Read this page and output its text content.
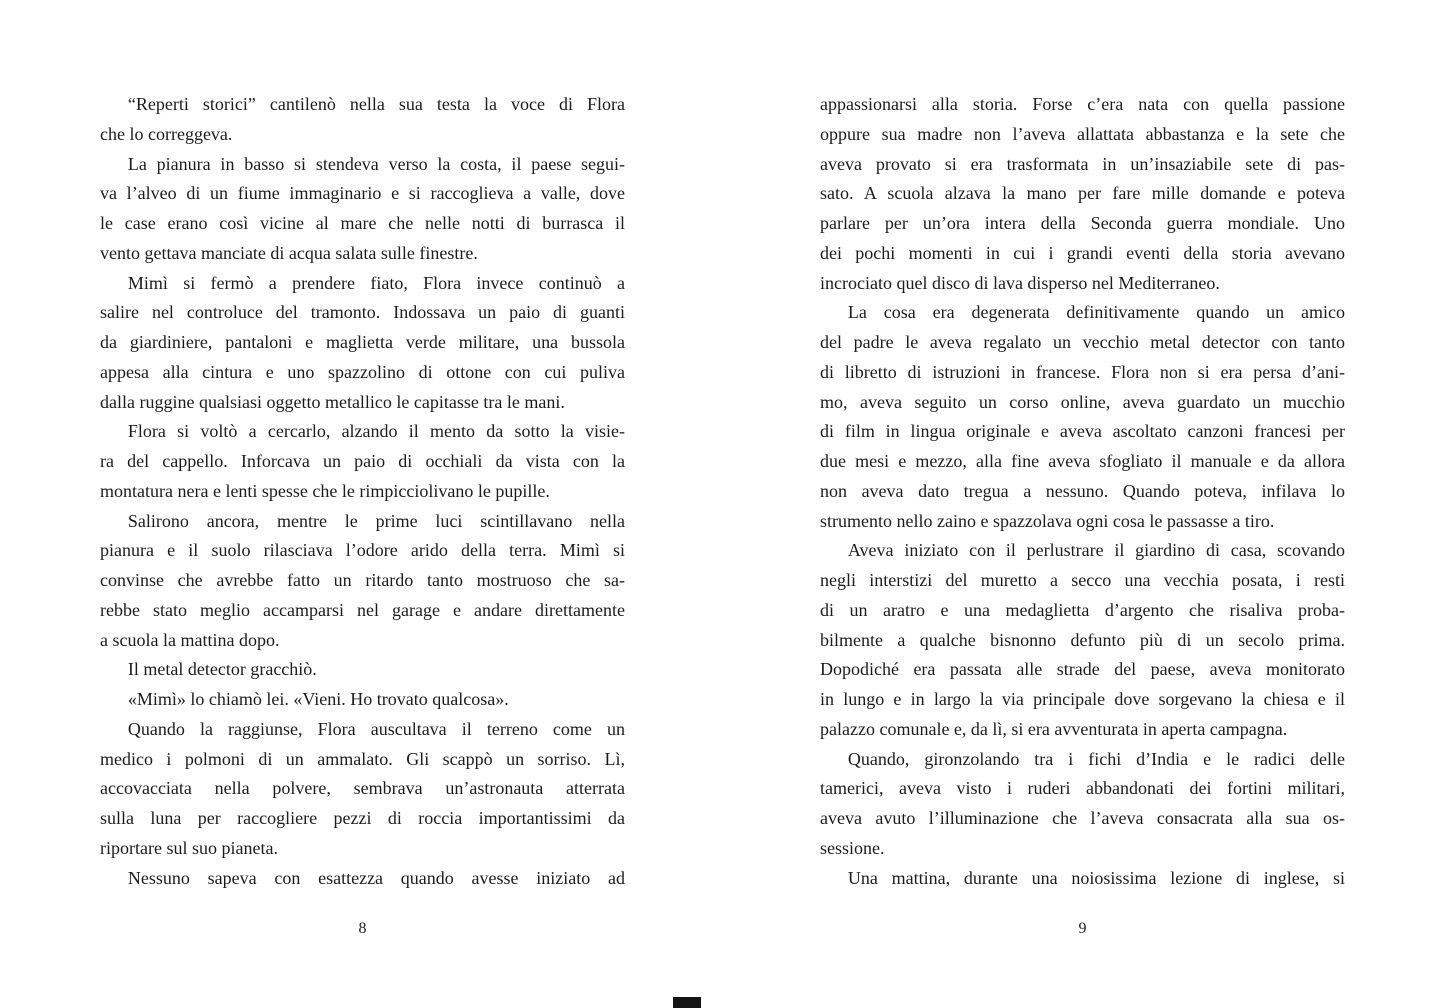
“Reperti storici” cantilenò nella sua testa la voce di Flora
che lo correggeva.

La pianura in basso si stendeva verso la costa, il paese segui-
va l’alveo di un fiume immaginario e si raccoglieva a valle, dove
le case erano così vicine al mare che nelle notti di burrasca il
vento gettava manciate di acqua salata sulle finestre.

Mimì si fermò a prendere fiato, Flora invece continuò a
salire nel controluce del tramonto. Indossava un paio di guanti
da giardiniere, pantaloni e maglietta verde militare, una bussola
appesa alla cintura e uno spazzolino di ottone con cui puliva
dalla ruggine qualsiasi oggetto metallico le capitasse tra le mani.

Flora si voltò a cercarlo, alzando il mento da sotto la visie-
ra del cappello. Inforcava un paio di occhiali da vista con la
montatura nera e lenti spesse che le rimpicciolivano le pupille.

Salirono ancora, mentre le prime luci scintillavano nella
pianura e il suolo rilasciava l’odore arido della terra. Mimì si
convinse che avrebbe fatto un ritardo tanto mostruoso che sa-
rebbe stato meglio accamparsi nel garage e andare direttamente
a scuola la mattina dopo.

Il metal detector gracchiò.

«Mimì» lo chiamò lei. «Vieni. Ho trovato qualcosa».

Quando la raggiunse, Flora auscultava il terreno come un
medico i polmoni di un ammalato. Gli scappò un sorriso. Lì,
accovacciata nella polvere, sembrava un’astronauta atterrata
sulla luna per raccogliere pezzi di roccia importantissimi da
riportare sul suo pianeta.

Nessuno sapeva con esattezza quando avesse iniziato ad

8

appassionarsi alla storia. Forse c’era nata con quella passione
oppure sua madre non l’aveva allattata abbastanza e la sete che
aveva provato si era trasformata in un’insaziabile sete di pas-
sato. A scuola alzava la mano per fare mille domande e poteva
parlare per un’ora intera della Seconda guerra mondiale. Uno
dei pochi momenti in cui i grandi eventi della storia avevano
incrociato quel disco di lava disperso nel Mediterraneo.

La cosa era degenerata definitivamente quando un amico
del padre le aveva regalato un vecchio metal detector con tanto
di libretto di istruzioni in francese. Flora non si era persa d’ani-
mo, aveva seguito un corso online, aveva guardato un mucchio
di film in lingua originale e aveva ascoltato canzoni francesi per
due mesi e mezzo, alla fine aveva sfogliato il manuale e da allora
non aveva dato tregua a nessuno. Quando poteva, infilava lo
strumento nello zaino e spazzolava ogni cosa le passasse a tiro.

Aveva iniziato con il perlustrare il giardino di casa, scovando
negli interstizi del muretto a secco una vecchia posata, i resti
di un aratro e una medaglietta d’argento che risaliva proba-
bilmente a qualche bisnonno defunto più di un secolo prima.
Dopodiché era passata alle strade del paese, aveva monitorato
in lungo e in largo la via principale dove sorgevano la chiesa e il
palazzo comunale e, da lì, si era avventurata in aperta campagna.

Quando, gironzolando tra i fichi d’India e le radici delle
tamerici, aveva visto i ruderi abbandonati dei fortini militari,
aveva avuto l’illuminazione che l’aveva consacrata alla sua os-
sessione.

Una mattina, durante una noiosissima lezione di inglese, si

9
